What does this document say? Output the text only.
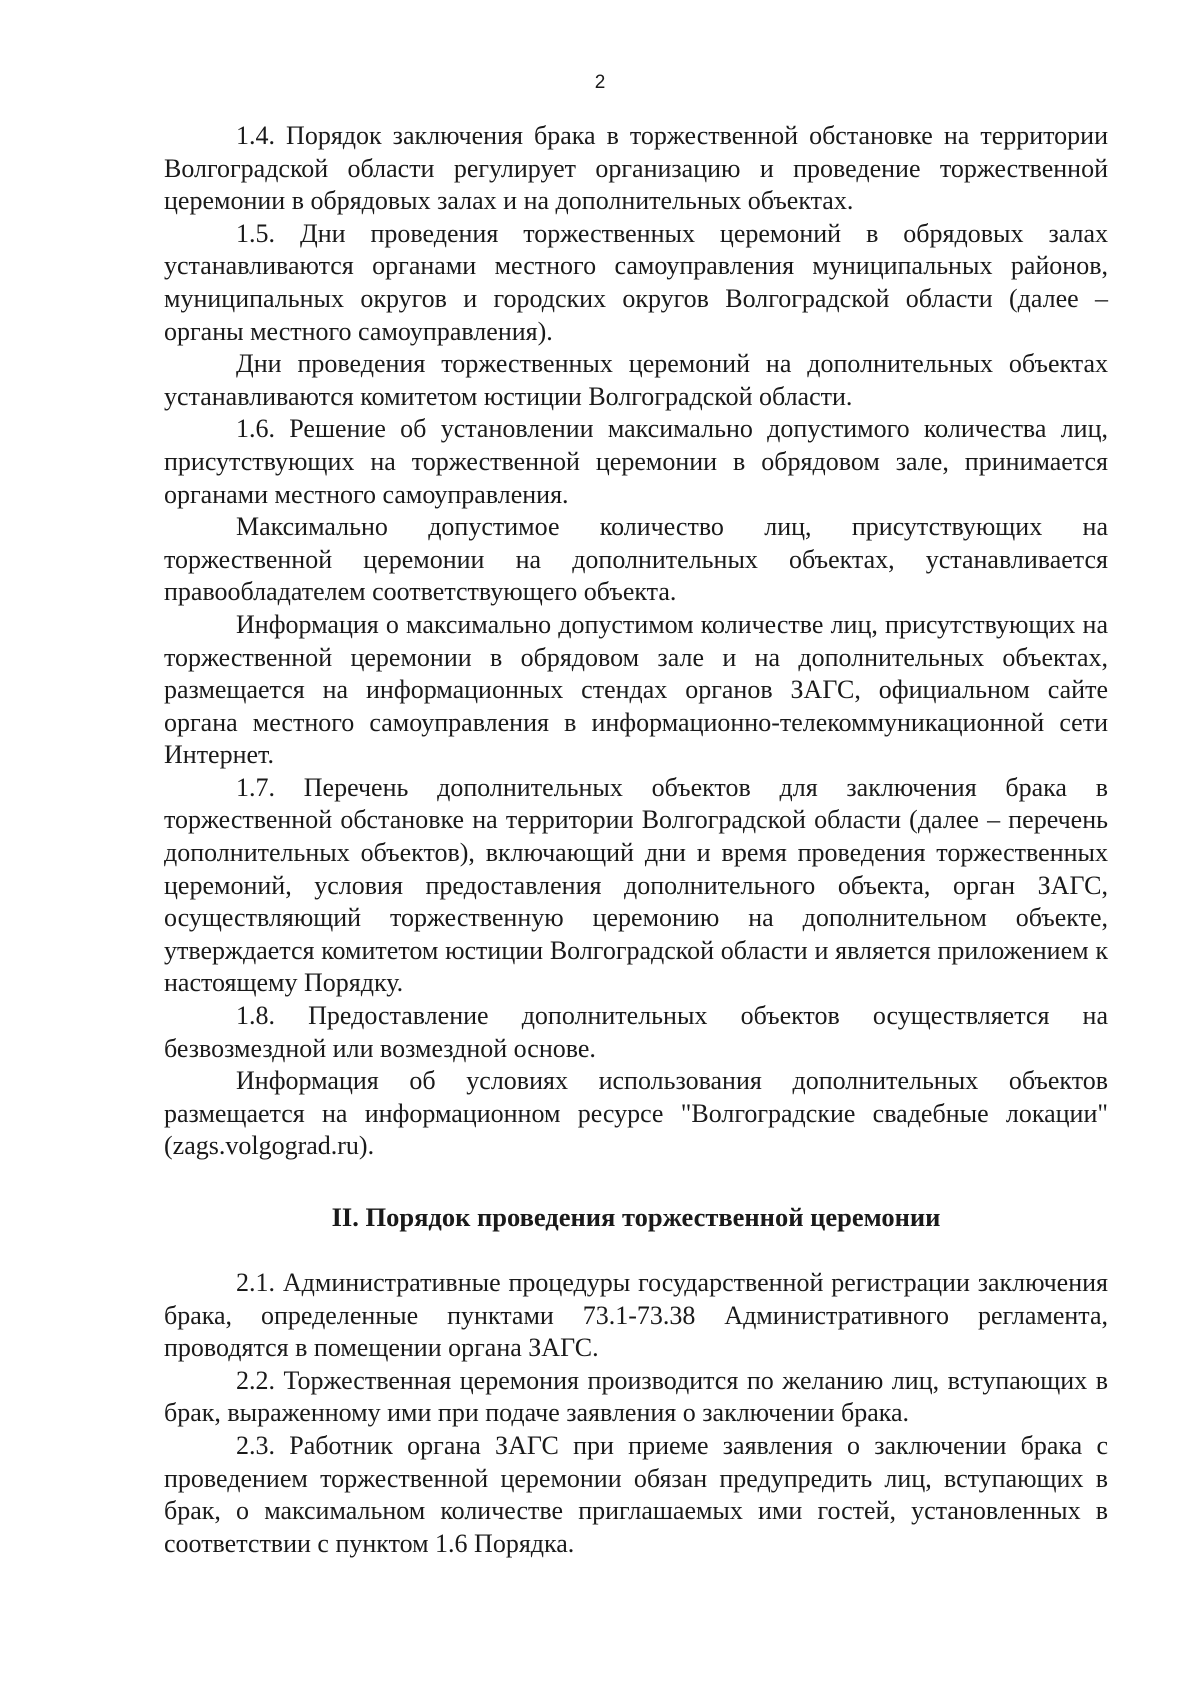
2

1.4. Порядок заключения брака в торжественной обстановке на территории Волгоградской области регулирует организацию и проведение торжественной церемонии в обрядовых залах и на дополнительных объектах.

1.5. Дни проведения торжественных церемоний в обрядовых залах устанавливаются органами местного самоуправления муниципальных районов, муниципальных округов и городских округов Волгоградской области (далее – органы местного самоуправления).

Дни проведения торжественных церемоний на дополнительных объектах устанавливаются комитетом юстиции Волгоградской области.

1.6. Решение об установлении максимально допустимого количества лиц, присутствующих на торжественной церемонии в обрядовом зале, принимается органами местного самоуправления.

Максимально допустимое количество лиц, присутствующих на торжественной церемонии на дополнительных объектах, устанавливается правообладателем соответствующего объекта.

Информация о максимально допустимом количестве лиц, присутствующих на торжественной церемонии в обрядовом зале и на дополнительных объектах, размещается на информационных стендах органов ЗАГС, официальном сайте органа местного самоуправления в информационно-телекоммуникационной сети Интернет.

1.7. Перечень дополнительных объектов для заключения брака в торжественной обстановке на территории Волгоградской области (далее – перечень дополнительных объектов), включающий дни и время проведения торжественных церемоний, условия предоставления дополнительного объекта, орган ЗАГС, осуществляющий торжественную церемонию на дополнительном объекте, утверждается комитетом юстиции Волгоградской области и является приложением к настоящему Порядку.

1.8. Предоставление дополнительных объектов осуществляется на безвозмездной или возмездной основе.

Информация об условиях использования дополнительных объектов размещается на информационном ресурсе "Волгоградские свадебные локации" (zags.volgograd.ru).

II. Порядок проведения торжественной церемонии

2.1. Административные процедуры государственной регистрации заключения брака, определенные пунктами 73.1-73.38 Административного регламента, проводятся в помещении органа ЗАГС.

2.2. Торжественная церемония производится по желанию лиц, вступающих в брак, выраженному ими при подаче заявления о заключении брака.

2.3. Работник органа ЗАГС при приеме заявления о заключении брака с проведением торжественной церемонии обязан предупредить лиц, вступающих в брак, о максимальном количестве приглашаемых ими гостей, установленных в соответствии с пунктом 1.6 Порядка.
